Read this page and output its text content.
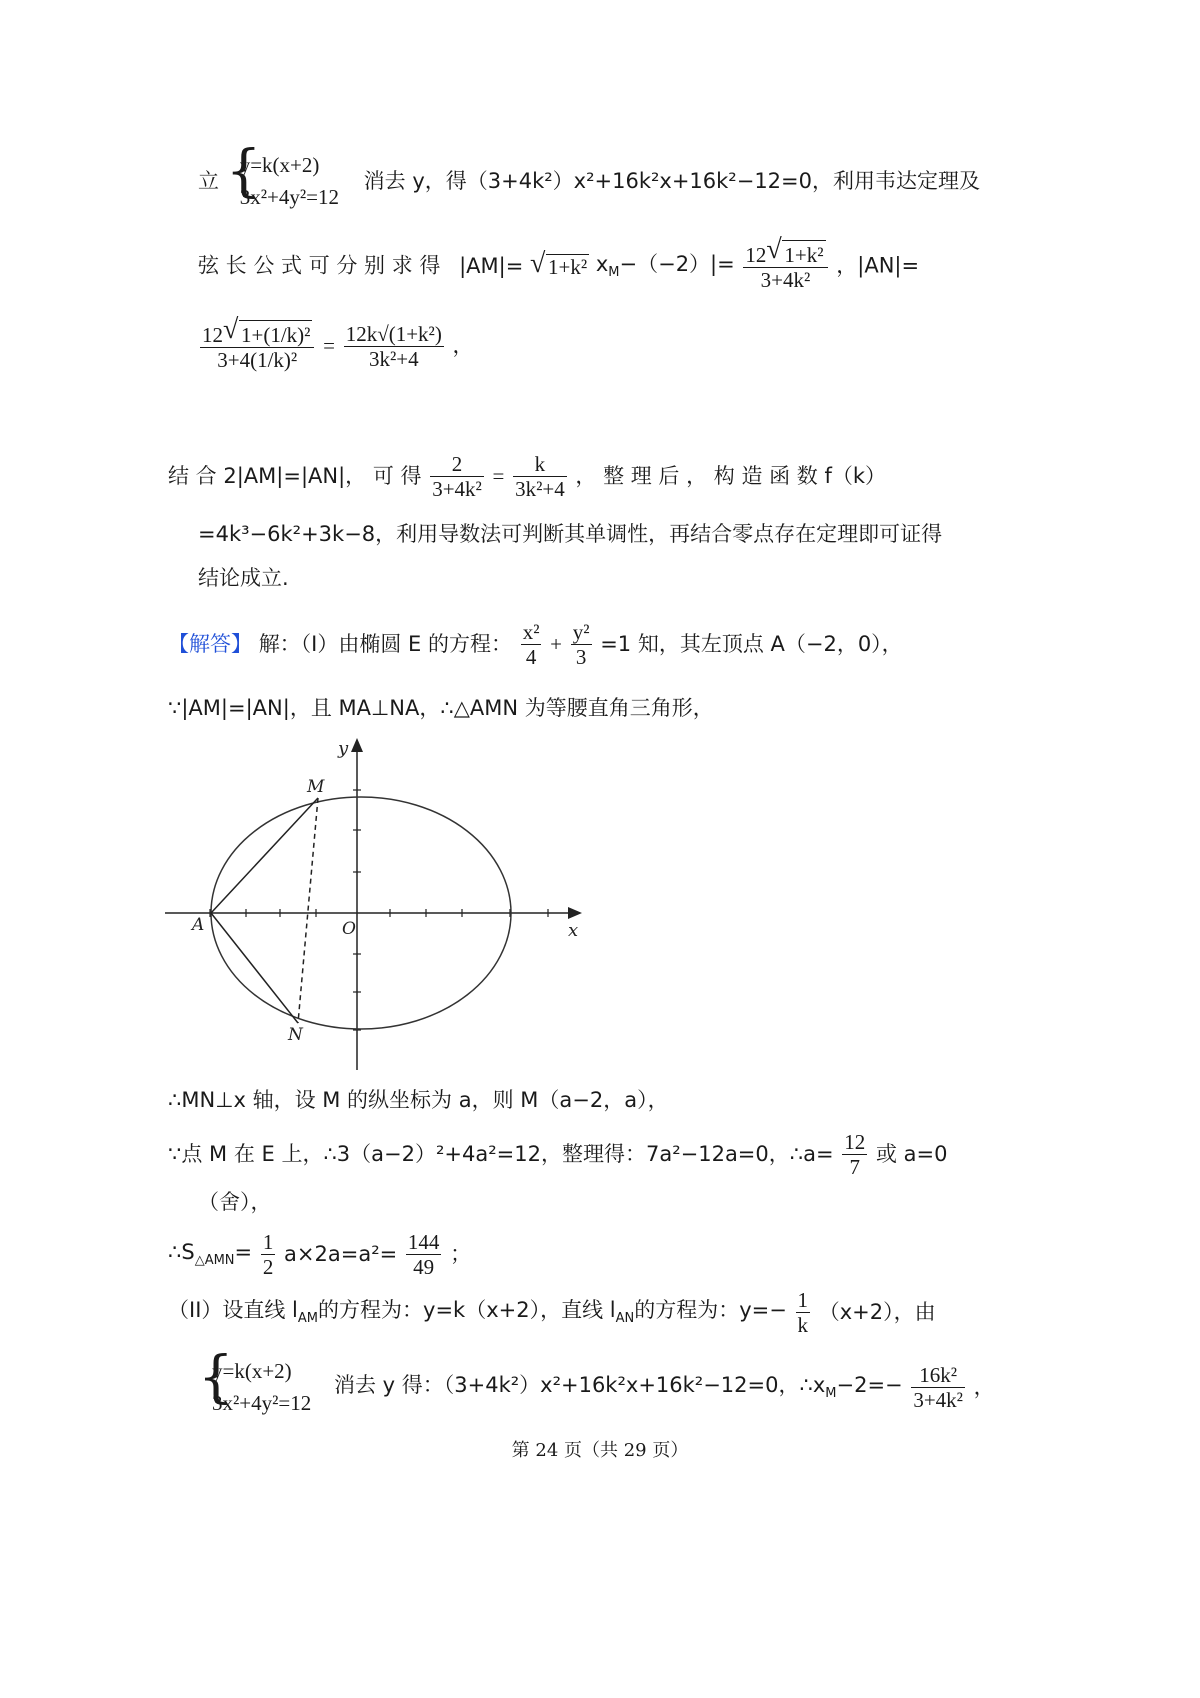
立 {
y=k(x+2)
3x²+4y²=12
消去 y，得（3+4k²）x²+16k²x+16k²−12=0，利用韦达定理及
弦 长 公 式 可 分 别 求 得 |AM|= √ 1+k² $x_M-(-2)|= \frac{\text{12 √ 1+k²}}{\text{3+4k²}}$ ，|AN|=
$\frac{\text{12 √ 1+(1/k)²}}{\text{3+4(1/k)²}} = \frac{\text{12k√(1+k²)}}{\text{3k²+4}}$ ，
结 合 2|AM|=|AN|， 可 得 $\frac{2}{\text{3+4k²}} = \frac{k}{\text{3k²+4}}$ ， 整 理 后 ， 构 造 函 数 f（k）
=4k³−6k²+3k−8，利用导数法可判断其单调性，再结合零点存在定理即可证得
结论成立.
【解答】 解：（I）由椭圆 E 的方程： $\frac{\text{x²}}{4} + \frac{\text{y²}}{3} =1$ 知，其左顶点 A（−2，0），
∵|AM|=|AN|，且 MA⊥NA，∴△AMN 为等腰直角三角形，
y
x
O
A
M
N
∴MN⊥x 轴，设 M 的纵坐标为 a，则 M（a−2，a），
∵点 M 在 E 上，∴3（a−2）²+4a²=12，整理得：7a²−12a=0，∴a= $\frac{12}{7}$ 或 a=0
（舍），
$\therefore S_{\triangle AMN}= \frac{1}{2} a\times 2a=a^2= \frac{144}{49}$ ；
（II）设直线 $l_{AM}$的方程为：y=k（x+2），直线 $l_{AN}$的方程为：$y=- \frac{1}{k} (x+2)$，由
{
y=k(x+2)
3x²+4y²=12
消去 y 得：（3+4k²）x²+16k²x+16k²−12=0，$\therefore x_M-2=- \frac{\text{16k²}}{\text{3+4k²}}$ ，
第 24 页（共 29 页）
